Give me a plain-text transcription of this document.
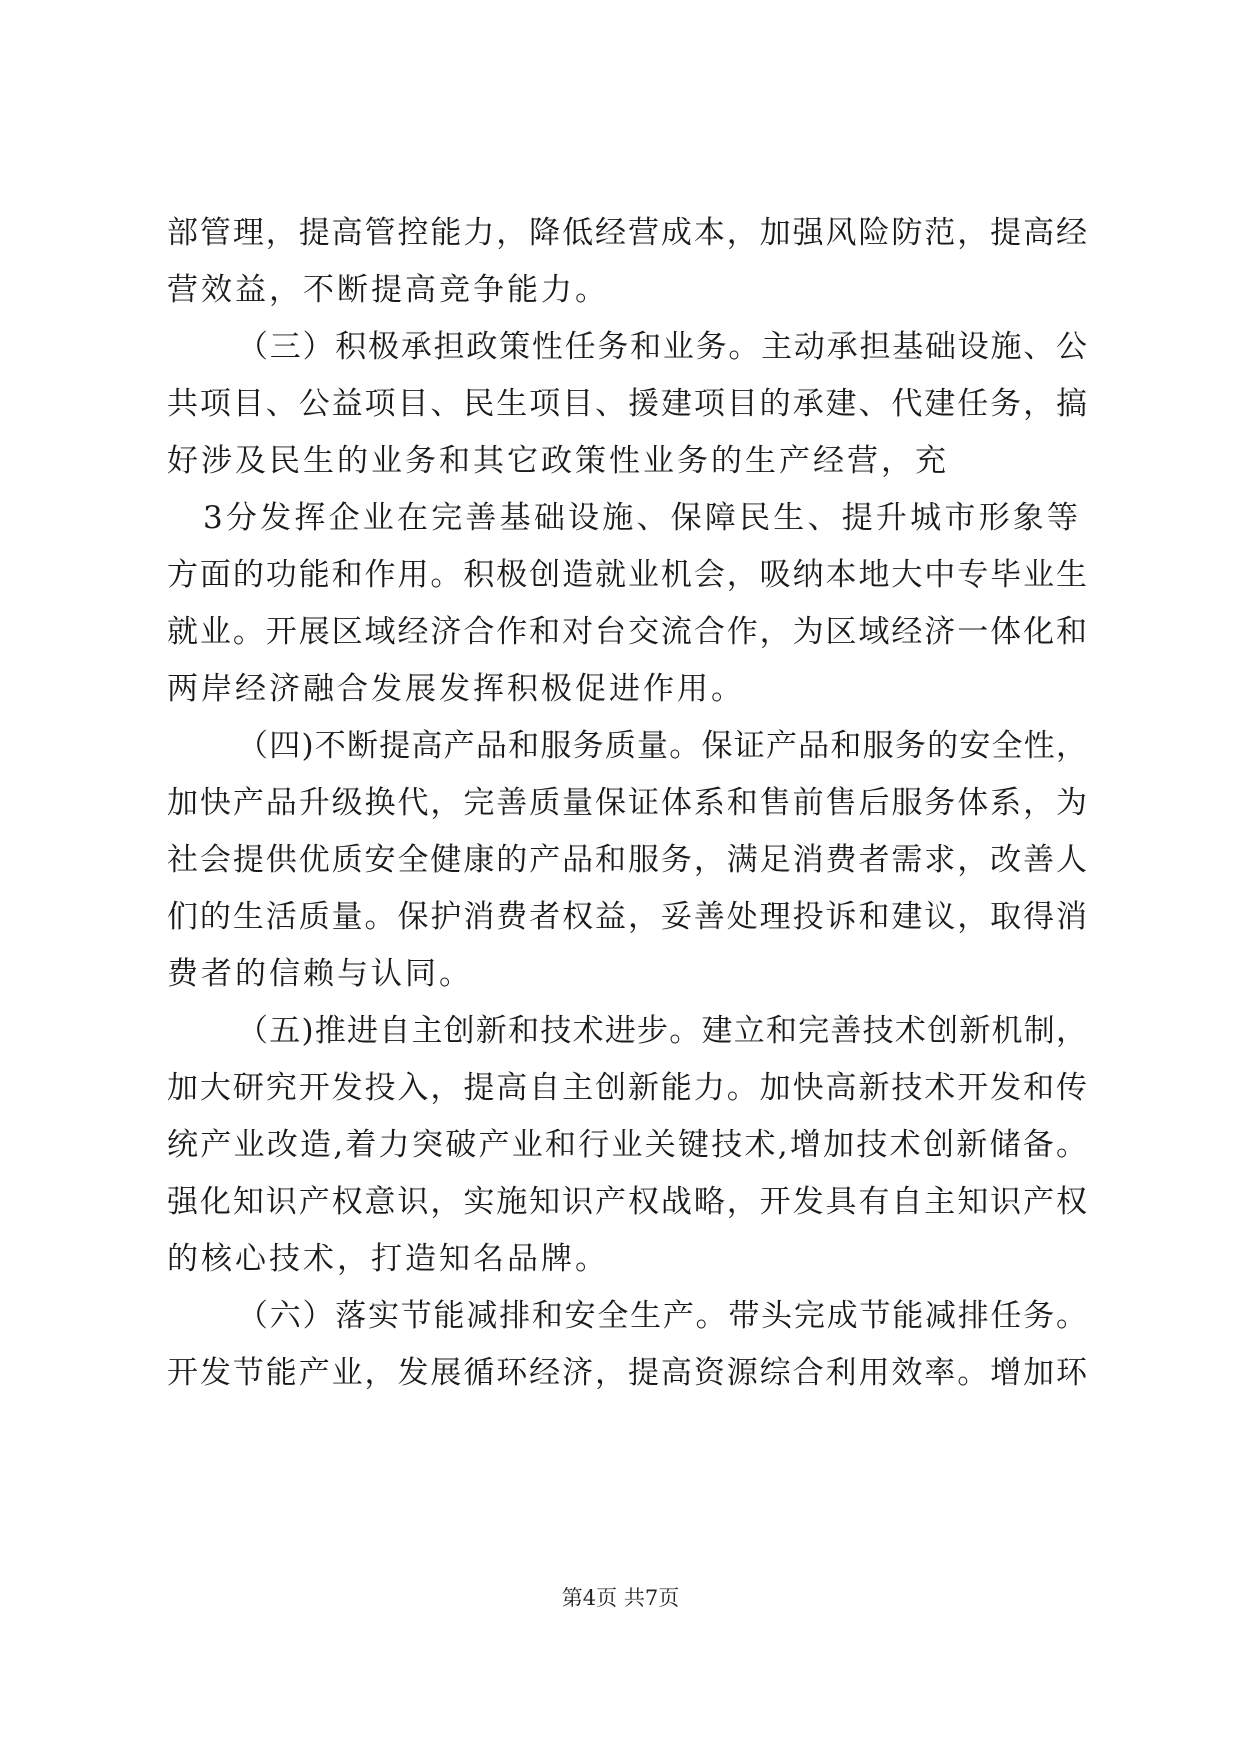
部管理，提高管控能力，降低经营成本，加强风险防范，提高经
营效益，不断提高竞争能力。
（三）积极承担政策性任务和业务。主动承担基础设施、公
共项目、公益项目、民生项目、援建项目的承建、代建任务，搞
好涉及民生的业务和其它政策性业务的生产经营，充
3分发挥企业在完善基础设施、保障民生、提升城市形象等
方面的功能和作用。积极创造就业机会，吸纳本地大中专毕业生
就业。开展区域经济合作和对台交流合作，为区域经济一体化和
两岸经济融合发展发挥积极促进作用。
（四)不断提高产品和服务质量。保证产品和服务的安全性，
加快产品升级换代，完善质量保证体系和售前售后服务体系，为
社会提供优质安全健康的产品和服务，满足消费者需求，改善人
们的生活质量。保护消费者权益，妥善处理投诉和建议，取得消
费者的信赖与认同。
（五)推进自主创新和技术进步。建立和完善技术创新机制，
加大研究开发投入，提高自主创新能力。加快高新技术开发和传
统产业改造,着力突破产业和行业关键技术,增加技术创新储备。
强化知识产权意识，实施知识产权战略，开发具有自主知识产权
的核心技术，打造知名品牌。
（六）落实节能减排和安全生产。带头完成节能减排任务。
开发节能产业，发展循环经济，提高资源综合利用效率。增加环
第4页 共7页
